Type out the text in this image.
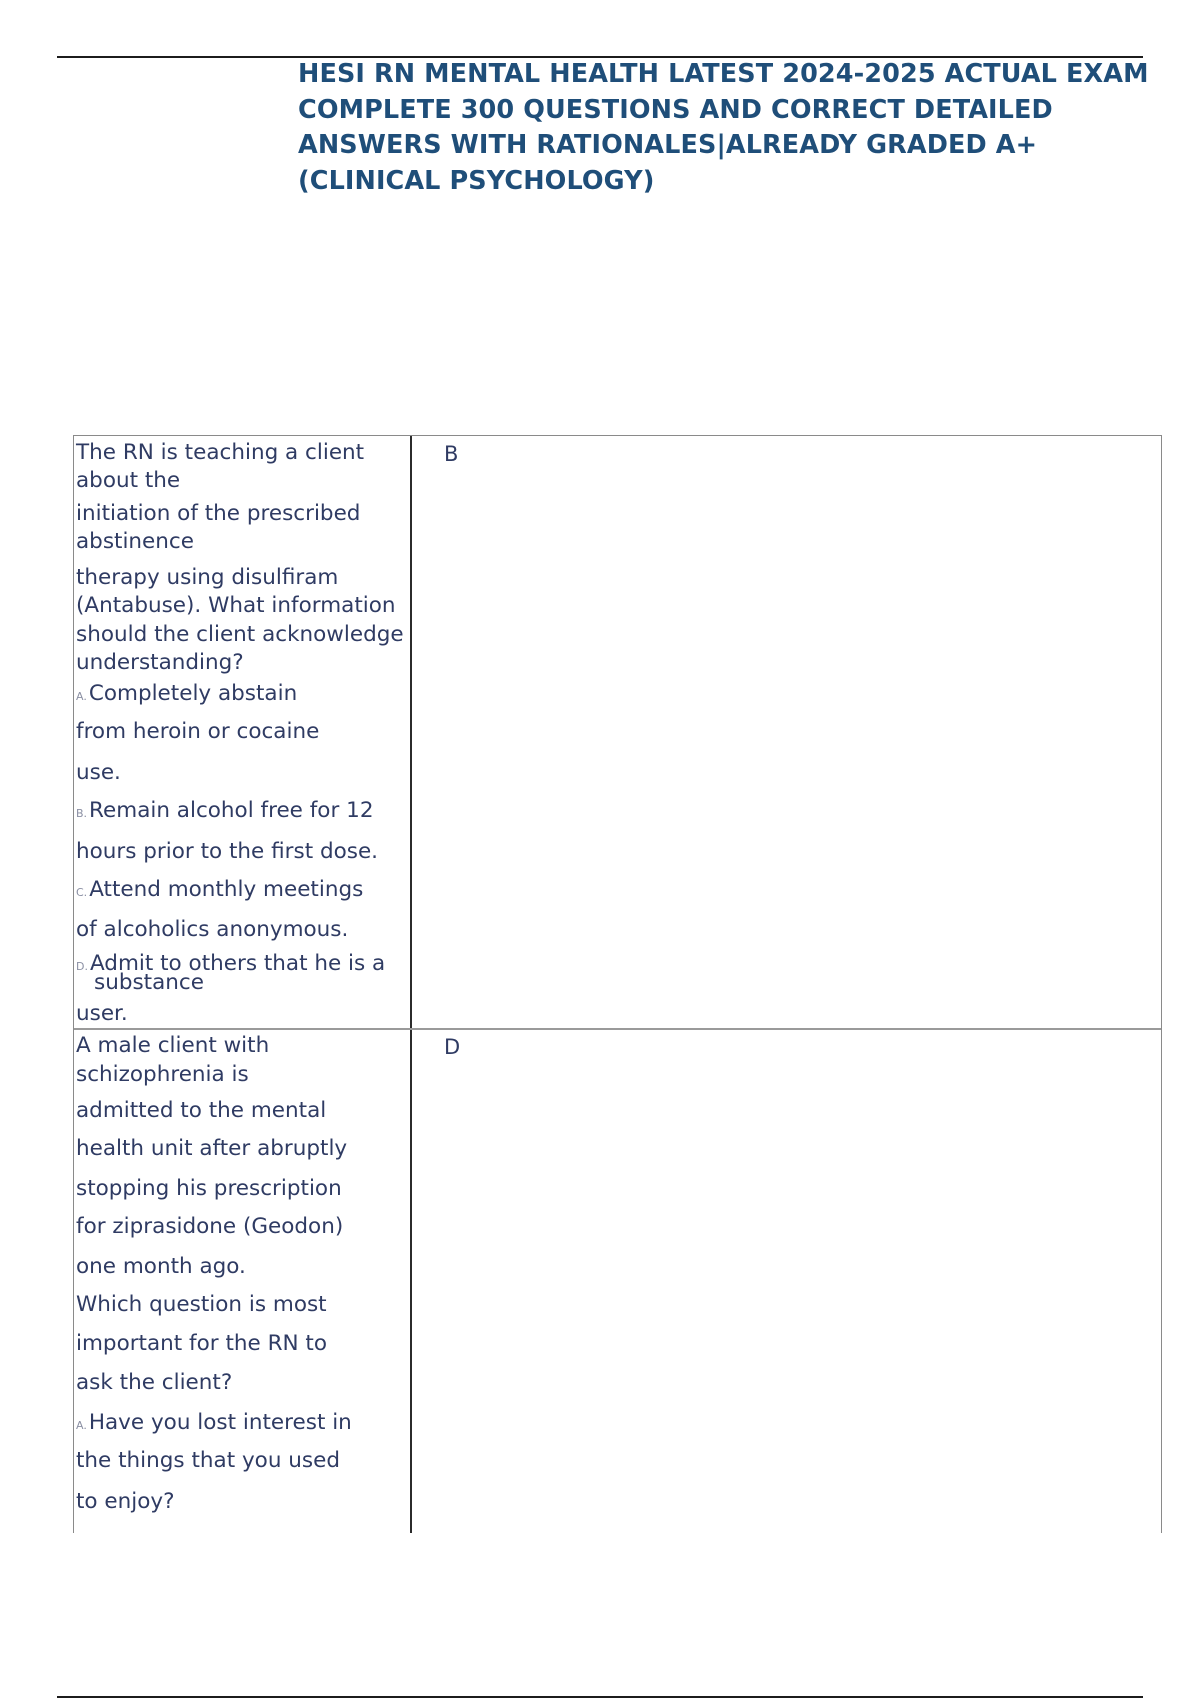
HESI RN MENTAL HEALTH LATEST 2024-2025 ACTUAL EXAM
COMPLETE 300 QUESTIONS AND CORRECT DETAILED
ANSWERS WITH RATIONALES|ALREADY GRADED A+
(CLINICAL PSYCHOLOGY)
The RN is teaching a client
about the
initiation of the prescribed
abstinence
therapy using disulfiram
(Antabuse). What information
should the client acknowledge
understanding?
A.Completely abstain
from heroin or cocaine
use.
B.Remain alcohol free for 12
hours prior to the first dose.
C.Attend monthly meetings
of alcoholics anonymous.
D.Admit to others that he is a
substance
user.
B
A male client with
schizophrenia is
admitted to the mental
health unit after abruptly
stopping his prescription
for ziprasidone (Geodon)
one month ago.
Which question is most
important for the RN to
ask the client?
A.Have you lost interest in
the things that you used
to enjoy?
D
